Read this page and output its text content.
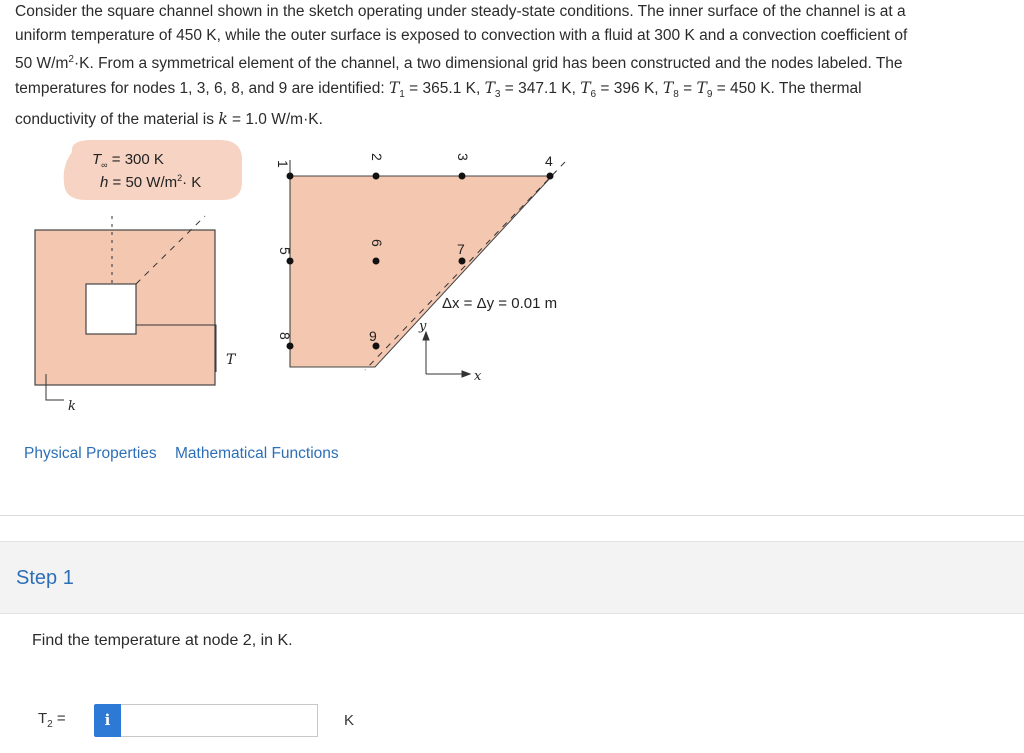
Consider the square channel shown in the sketch operating under steady-state conditions. The inner surface of the channel is at a

uniform temperature of 450 K, while the outer surface is exposed to convection with a fluid at 300 K and a convection coefficient of

50 $W/m^2\cdot K$. From a symmetrical element of the channel, a two dimensional grid has been constructed and the nodes labeled. The

temperatures for nodes 1, 3, 6, 8, and 9 are identified: $T_1 = 365.1$ K, $T_3 = 347.1$ K, $T_6 = 396$ K, $T_8 = T_9 = 450$ K. The thermal

conductivity of the material is k = 1.0 W/m·K.

$T_\infty = 300$ K
h = 50 $W/m^2\cdot K$
T
k
1
2	3	4
5
6	7
8	9
Δx = Δy = 0.01 m
y
x
Physical Properties Mathematical Functions
Step 1
Find the temperature at node 2, in K.
$T_2$ =	i	K
